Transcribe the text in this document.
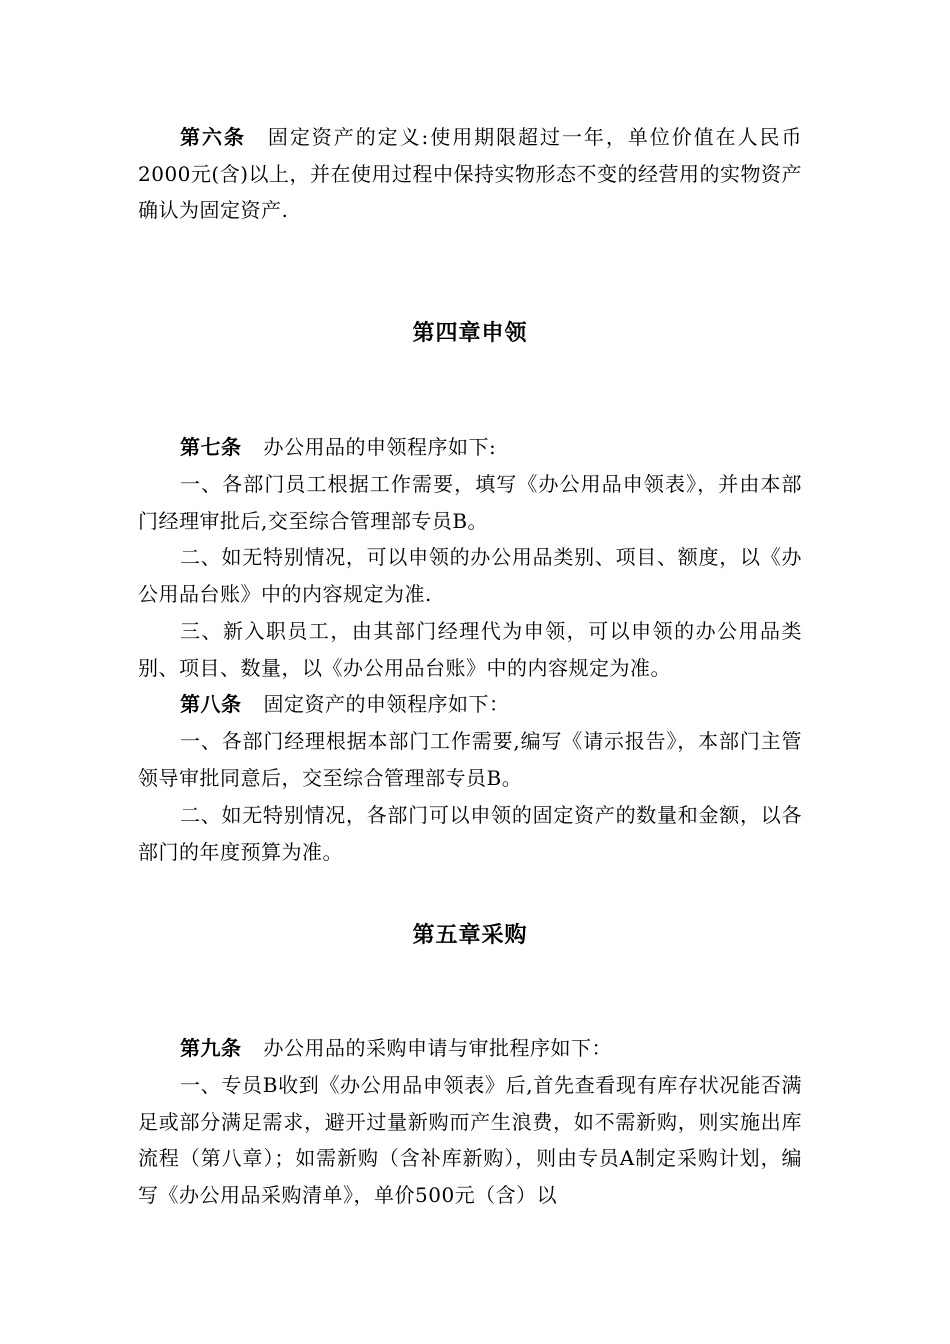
第六条 固定资产的定义:使用期限超过一年，单位价值在人民币2000元(含)以上，并在使用过程中保持实物形态不变的经营用的实物资产确认为固定资产.

第四章申领

第七条 办公用品的申领程序如下:

一、各部门员工根据工作需要，填写《办公用品申领表》，并由本部门经理审批后,交至综合管理部专员B。

二、如无特别情况，可以申领的办公用品类别、项目、额度，以《办公用品台账》中的内容规定为准.

三、新入职员工，由其部门经理代为申领，可以申领的办公用品类别、项目、数量，以《办公用品台账》中的内容规定为准。

第八条 固定资产的申领程序如下：

一、各部门经理根据本部门工作需要,编写《请示报告》，本部门主管领导审批同意后，交至综合管理部专员B。

二、如无特别情况，各部门可以申领的固定资产的数量和金额，以各部门的年度预算为准。

第五章采购

第九条 办公用品的采购申请与审批程序如下：

一、专员B收到《办公用品申领表》后,首先查看现有库存状况能否满足或部分满足需求，避开过量新购而产生浪费，如不需新购，则实施出库流程（第八章）；如需新购（含补库新购），则由专员A制定采购计划，编写《办公用品采购清单》，单价500元（含）以
